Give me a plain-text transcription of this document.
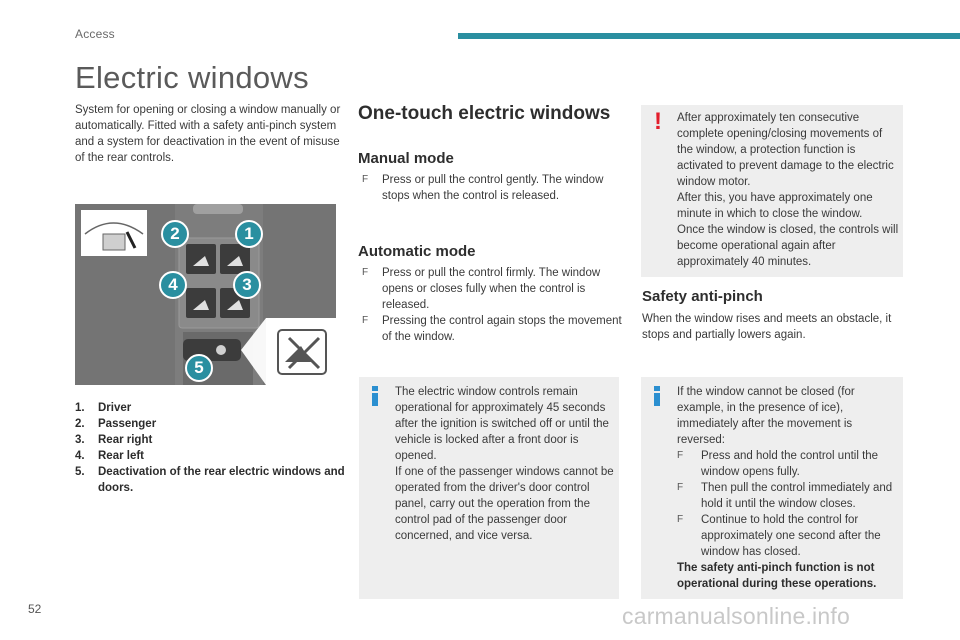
Access
Electric windows

System for opening or closing a window manually or automatically. Fitted with a safety anti-pinch system and a system for deactivation in the event of misuse of the rear controls.

1
2
3
4
5
1.	Driver
2.	Passenger
3.	Rear right
4.	Rear left
5.	Deactivation of the rear electric windows and doors.
One-touch electric windows
Manual mode
F	Press or pull the control gently. The window stops when the control is released.
Automatic mode
F	Press or pull the control firmly. The window opens or closes fully when the control is released.
F	Pressing the control again stops the movement of the window.

The electric window controls remain operational for approximately 45 seconds after the ignition is switched off or until the vehicle is locked after a front door is opened.

If one of the passenger windows cannot be operated from the driver's door control panel, carry out the operation from the control pad of the passenger door concerned, and vice versa.

! After approximately ten consecutive complete opening/closing movements of the window, a protection function is activated to prevent damage to the electric window motor.

After this, you have approximately one minute in which to close the window.

Once the window is closed, the controls will become operational again after approximately 40 minutes.

Safety anti-pinch

When the window rises and meets an obstacle, it stops and partially lowers again.

If the window cannot be closed (for example, in the presence of ice), immediately after the movement is reversed:

F	Press and hold the control until the window opens fully.
F	Then pull the control immediately and hold it until the window closes.
F	Continue to hold the control for approximately one second after the window has closed.

The safety anti-pinch function is not operational during these operations.

52	carmanualsonline.info
